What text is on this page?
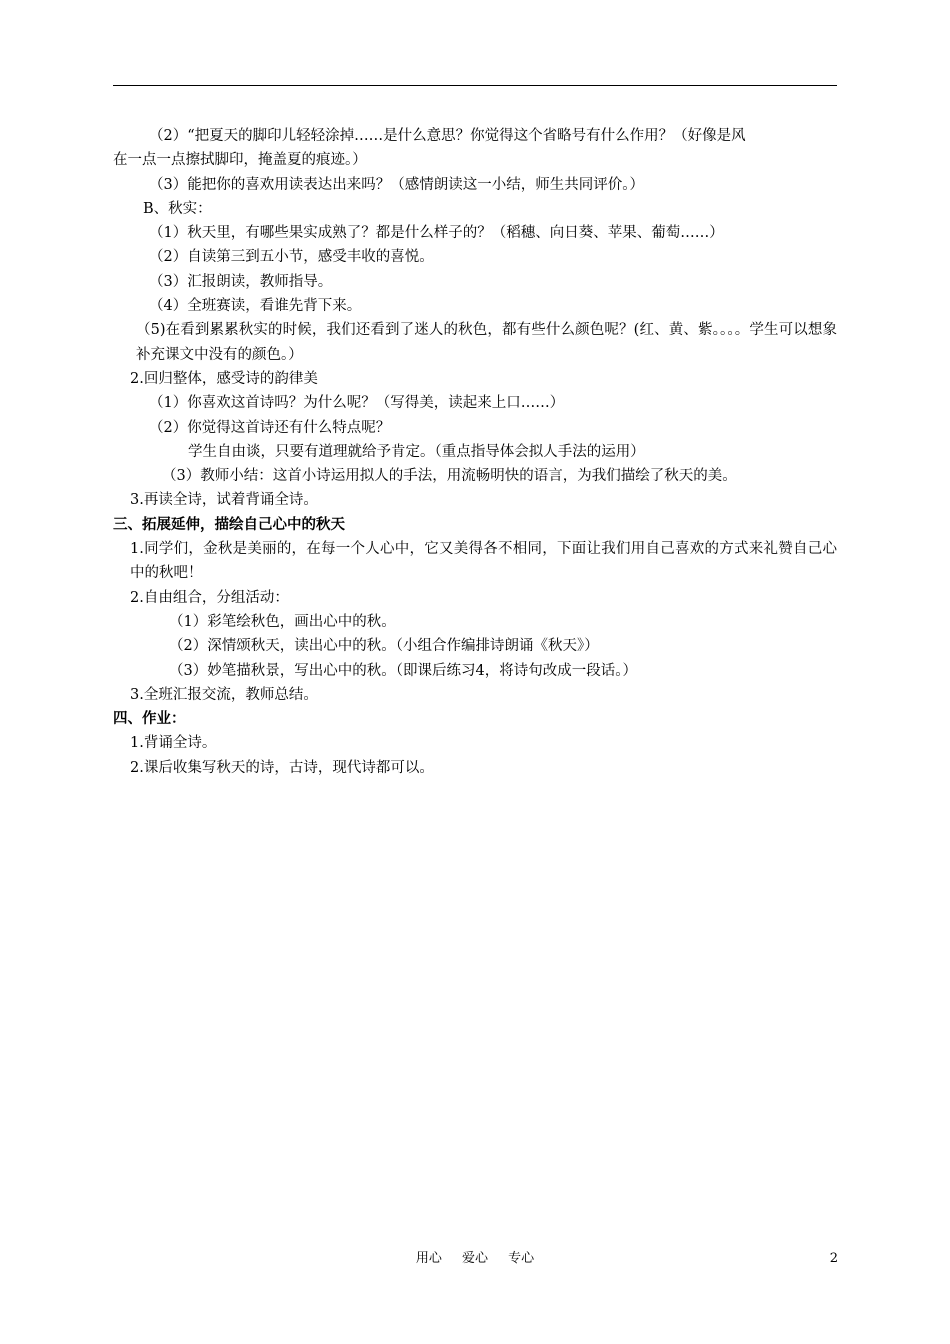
（2）“把夏天的脚印儿轻轻涂掉……是什么意思？你觉得这个省略号有什么作用？（好像是风
在一点一点擦拭脚印，掩盖夏的痕迹。）
（3）能把你的喜欢用读表达出来吗？（感情朗读这一小结，师生共同评价。）
B、秋实：
（1）秋天里，有哪些果实成熟了？都是什么样子的？（稻穗、向日葵、苹果、葡萄……）
（2）自读第三到五小节，感受丰收的喜悦。
（3）汇报朗读，教师指导。
（4）全班赛读，看谁先背下来。
（5)在看到累累秋实的时候，我们还看到了迷人的秋色，都有些什么颜色呢？(红、黄、紫。。。。学生可以想象补充课文中没有的颜色。）
2.回归整体，感受诗的韵律美
（1）你喜欢这首诗吗？为什么呢？（写得美，读起来上口……）
（2）你觉得这首诗还有什么特点呢？
学生自由谈，只要有道理就给予肯定。（重点指导体会拟人手法的运用）
（3）教师小结：这首小诗运用拟人的手法，用流畅明快的语言，为我们描绘了秋天的美。
3.再读全诗，试着背诵全诗。
三、拓展延伸，描绘自己心中的秋天
1.同学们，金秋是美丽的，在每一个人心中，它又美得各不相同，下面让我们用自己喜欢的方式来礼赞自己心中的秋吧！
2.自由组合，分组活动：
（1）彩笔绘秋色，画出心中的秋。
（2）深情颂秋天，读出心中的秋。（小组合作编排诗朗诵《秋天》）
（3）妙笔描秋景，写出心中的秋。（即课后练习4，将诗句改成一段话。）
3.全班汇报交流，教师总结。
四、作业：
1.背诵全诗。
2.课后收集写秋天的诗，古诗，现代诗都可以。
用心 爱心 专心	2
